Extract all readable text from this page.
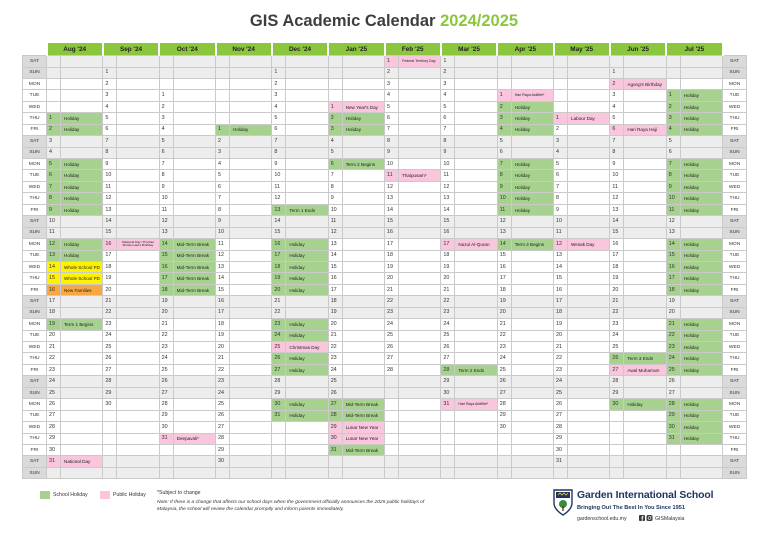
GIS Academic Calendar 2024/2025
	Aug '24		Sep '24		Oct '24		Nov '24		Dec '24		Jan '25		Feb '25		Mar '25		Apr '25		May '25		Jun '25		Jul '25		
SAT													1	Federal Territory Day	1										SAT
SUN			1						1				2		2						1				SUN
MON			2						2				3		3						2	Agong's Birthday			MON
TUE			3		1				3				4		4		1	Hari Raya Aidilfitri*			3		1	Holiday	TUE
WED			4		2				4		1	New Year's Day	5		5		2	Holiday			4		2	Holiday	WED
THU	1	Holiday	5		3				5		2	Holiday	6		6		3	Holiday	1	Labour Day	5		3	Holiday	THU
FRI	2	Holiday	6		4		1	Holiday	6		3	Holiday	7		7		4	Holiday	2		6	Hari Raya Haji	4	Holiday	FRI
SAT	3		7		5		2		7		4		8		8		5		3		7		5		SAT
SUN	4		8		6		3		8		5		9		9		6		4		8		6		SUN
MON	5	Holiday	9		7		4		9		6	Term 2 Begins	10		10		7	Holiday	5		9		7	Holiday	MON
TUE	6	Holiday	10		8		5		10		7		11	Thaipusam*	11		8	Holiday	6		10		8	Holiday	TUE
WED	7	Holiday	11		9		6		11		8		12		12		9	Holiday	7		11		9	Holiday	WED
THU	8	Holiday	12		10		7		12		9		13		13		10	Holiday	8		12		10	Holiday	THU
FRI	9	Holiday	13		11		8		13	Term 1 Ends	10		14		14		11	Holiday	9		13		11	Holiday	FRI
SAT	10		14		12		9		14		11		15		15		12		10		14		12		SAT
SUN	11		15		13		10		15		12		16		16		13		11		15		13		SUN
MON	12	Holiday	16	Malaysia Day / Prophet Muhammad's Birthday	14	Mid-Term Break	11		16	Holiday	13		17		17	Nuzul Al-Quran	14	Term 3 Begins	12	Wesak Day	16		14	Holiday	MON
TUE	13	Holiday	17		15	Mid-Term Break	12		17	Holiday	14		18		18		15		13		17		15	Holiday	TUE
WED	14	Whole School PD	18		16	Mid-Term Break	13		18	Holiday	15		19		19		16		14		18		16	Holiday	WED
THU	15	Whole School PD	19		17	Mid-Term Break	14		19	Holiday	16		20		20		17		15		19		17	Holiday	THU
FRI	16	New Families	20		18	Mid-Term Break	15		20	Holiday	17		21		21		18		16		20		18	Holiday	FRI
SAT	17		21		19		16		21		18		22		22		19		17		21		19		SAT
SUN	18		22		20		17		22		19		23		23		20		18		22		20		SUN
MON	19	Term 1 Begins	23		21		18		23	Holiday	20		24		24		21		19		23		21	Holiday	MON
TUE	20		24		22		19		24	Holiday	21		25		25		22		20		24		22	Holiday	TUE
WED	21		25		23		20		25	Christmas Day	22		26		26		23		21		25		23	Holiday	WED
THU	22		26		24		21		26	Holiday	23		27		27		24		22		26	Term 3 Ends	24	Holiday	THU
FRI	23		27		25		22		27	Holiday	24		28		28	Term 2 Ends	25		23		27	Awal Muharram	25	Holiday	FRI
SAT	24		28		26		23		28		25				29		26		24		28		26		SAT
SUN	25		29		27		24		29		26				30		27		25		29		27		SUN
MON	26		30		28		25		30	Holiday	27	Mid-Term Break			31	Hari Raya Aidilfitri*	28		26		30	Holiday	28	Holiday	MON
TUE	27				29		26		31	Holiday	28	Mid-Term Break					29		27				29	Holiday	TUE
WED	28				30		27				29	Lunar New Year					30		28				30	Holiday	WED
THU	29				31	Deepavali*	28				30	Lunar New Year							29				31	Holiday	THU
FRI	30						29				31	Mid-Term Break							30						FRI
SAT	31	National Day					30												31						SAT
SUN																									SUN
School Holiday	Public Holiday *Subject to change
Note: If there is a change that affects our school days when the government officially announces the 2025 public holidays of Malaysia, the school will review the calendar promptly and inform parents immediately.
Garden International School
Bringing Out The Best In You Since 1951
gardenschool.edu.my	GISMalaysia
